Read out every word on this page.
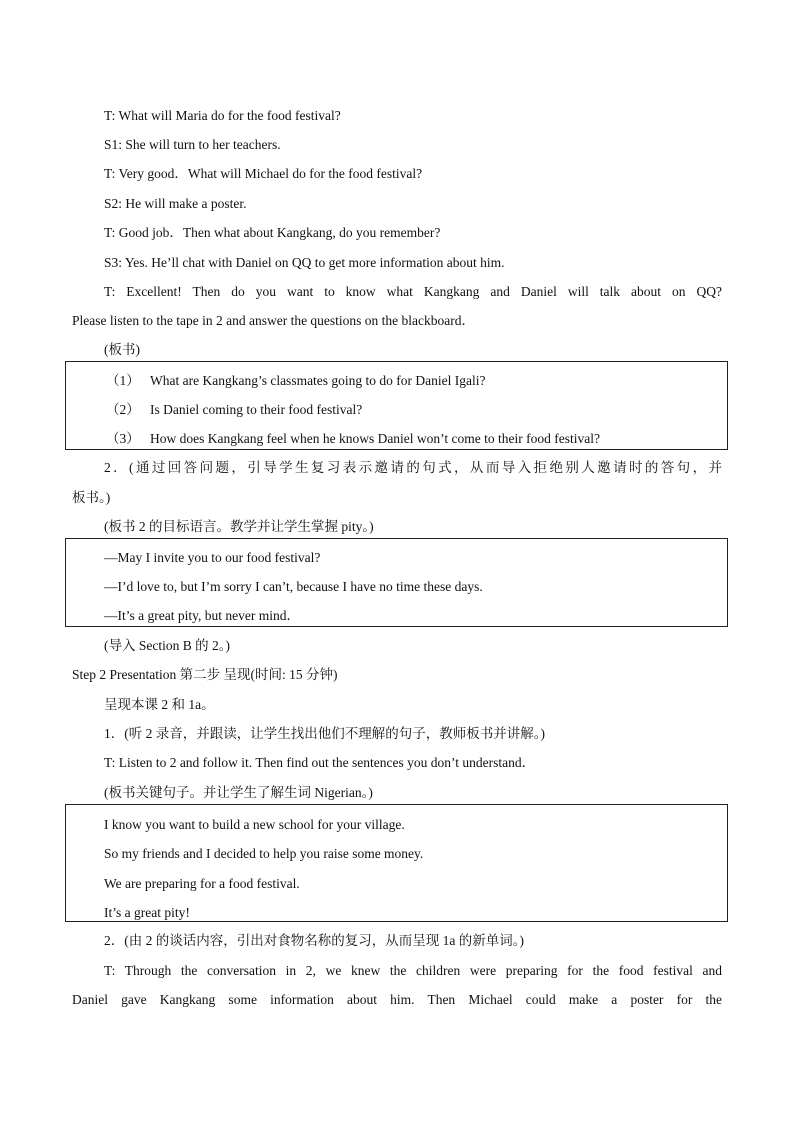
T: What will Maria do for the food festival?
S1: She will turn to her teachers.
T: Very good．What will Michael do for the food festival?
S2: He will make a poster.
T: Good job．Then what about Kangkang, do you remember?
S3: Yes. He’ll chat with Daniel on QQ to get more information about him.
T: Excellent! Then do you want to know what Kangkang and Daniel will talk about on QQ?
Please listen to the tape in 2 and answer the questions on the blackboard．
(板书)
（1） What are Kangkang’s classmates going to do for Daniel Igali?
（2） Is Daniel coming to their food festival?
（3） How does Kangkang feel when he knows Daniel won’t come to their food festival?
2．(通过回答问题，引导学生复习表示邀请的句式，从而导入拒绝别人邀请时的答句，并
板书。)
(板书 2 的目标语言。教学并让学生掌握 pity。)
—May I invite you to our food festival?
—I’d love to, but I’m sorry I can’t, because I have no time these days.
—It’s a great pity, but never mind．
(导入 Section B 的 2。)
Step 2 Presentation 第二步 呈现(时间: 15 分钟)
呈现本课 2 和 1a。
1．(听 2 录音，并跟读，让学生找出他们不理解的句子，教师板书并讲解。)
T: Listen to 2 and follow it. Then find out the sentences you don’t understand．
(板书关键句子。并让学生了解生词 Nigerian。)
I know you want to build a new school for your village.
So my friends and I decided to help you raise some money.
We are preparing for a food festival.
It’s a great pity!
2．(由 2 的谈话内容，引出对食物名称的复习，从而呈现 1a 的新单词。)
T: Through the conversation in 2, we knew the children were preparing for the food festival and
Daniel gave Kangkang some information about him. Then Michael could make a poster for the
